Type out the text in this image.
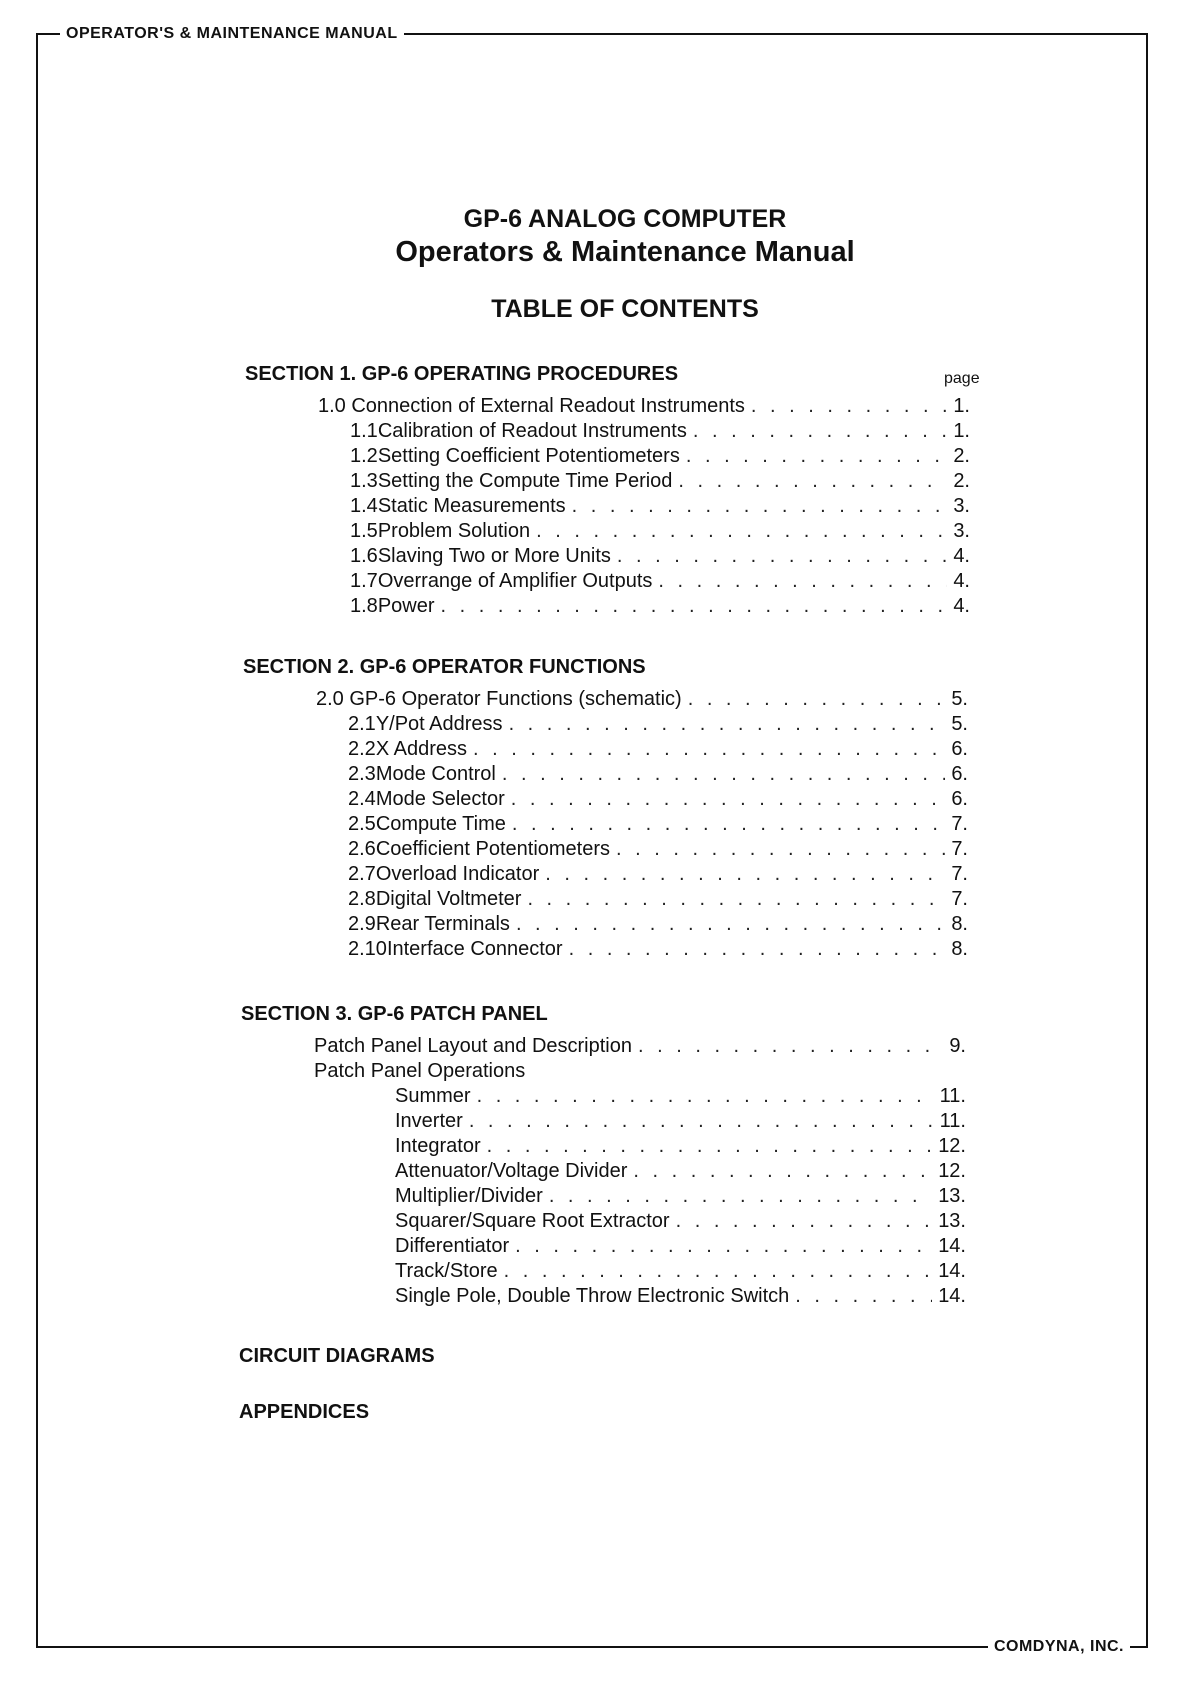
OPERATOR'S & MAINTENANCE MANUAL
COMDYNA, INC.
GP-6 ANALOG COMPUTER
Operators & Maintenance Manual
TABLE OF CONTENTS
SECTION 1. GP-6 OPERATING PROCEDURES	page
1.0 Connection of External Readout Instruments . . .	1.
1.1 Calibration of Readout Instruments . . .	1.
1.2 Setting Coefficient Potentiometers . . .	2.
1.3 Setting the Compute Time Period . . .	2.
1.4 Static Measurements . . .	3.
1.5 Problem Solution . . .	3.
1.6 Slaving Two or More Units . . .	4.
1.7 Overrange of Amplifier Outputs . . .	4.
1.8 Power . . .	4.
SECTION 2. GP-6 OPERATOR FUNCTIONS
2.0 GP-6 Operator Functions (schematic) . . .	5.
2.1 Y/Pot Address . . .	5.
2.2 X Address . . .	6.
2.3 Mode Control . . .	6.
2.4 Mode Selector . . .	6.
2.5 Compute Time . . .	7.
2.6 Coefficient Potentiometers . . .	7.
2.7 Overload Indicator . . .	7.
2.8 Digital Voltmeter . . .	7.
2.9 Rear Terminals . . .	8.
2.10 Interface Connector . . .	8.
SECTION 3. GP-6 PATCH PANEL
Patch Panel Layout and Description . . .	9.
Patch Panel Operations
Summer . . .	11.
Inverter . . .	11.
Integrator . . .	12.
Attenuator/Voltage Divider . . .	12.
Multiplier/Divider . . .	13.
Squarer/Square Root Extractor . . .	13.
Differentiator . . .	14.
Track/Store . . .	14.
Single Pole, Double Throw Electronic Switch . . .	14.
CIRCUIT DIAGRAMS
APPENDICES
